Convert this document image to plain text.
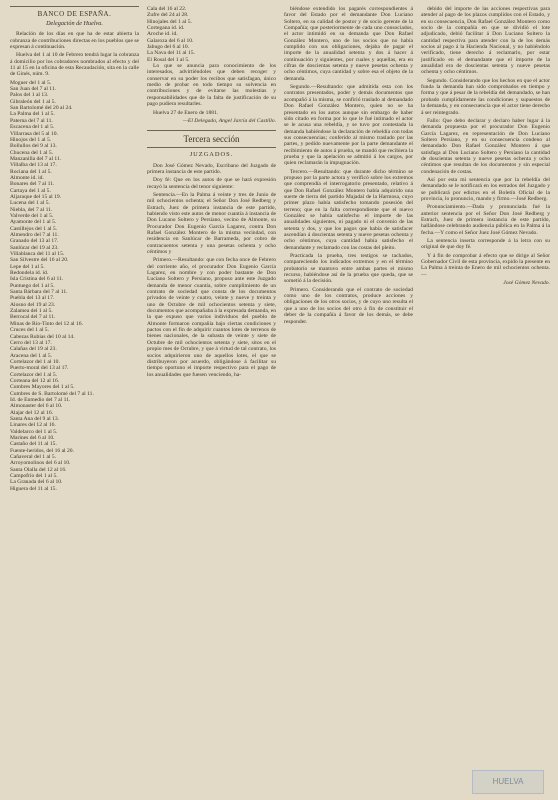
BANCO DE ESPAÑA.
Delegación de Huelva.

Relación de los días en que ha de estar abierta la cobranza de contribuciones directas en los pueblos que se expresan á continuación.

Huelva del 1 al 10 de Febrero tendrá lugar la cobranza á domicilio por los cobradores nombrados al efecto y del 11 al 15 en la oficina de esta Recaudación, sita en la calle de Ginés, núm. 9.

Moguer del 1 al 5.
San Juan del 7 al 11.
Palos del 1 al 13.
Gibraleón del 1 al 5.
San Bartolomé del 20 al 24.
La Palma del 1 al 5.
Paterna del 7 al 11.
Escacena del 1 al 5.
Villarrasa del 5 al 10.
Hinojos del 1 al 5.
Bollullos del 9 al 13.
Chucena del 1 al 5.
Manzanilla del 7 al 11.
Villalba del 13 al 17.
Rociana del 1 al 5.
Almonte id. id.
Bonares del 7 al 11.
Cartaya del 1 al 5.
Aljaraque del 15 al 19.
Lucena del 1 al 5.
Niebla, del 7 al 11.
Valverde del 1 al 5.
Ayamonte del 1 al 5.
Castillejos del 1 al 5.
Almendro del 7 al 11.
Granado del 13 al 17.
Sanlúcar del 19 al 23.
Villablanca del 11 al 15.
San Silvestre del 16 al 20.
Lepe del 1 al 5.
Redondela id. id.
Isla Cristina del 6 al 11.
Puntuego del 1 al 5.
Santa Bárbara del 7 al 11.
Puebla del 13 al 17.
Alosno del 19 al 23.
Zalamea del 1 al 5.
Berrocal del 7 al 11.
Minas de Río-Tinto del 12 al 16.
Cruces del 1 al 5.
Cabezas Rubias del 10 al 14.
Cerro del 13 al 17.
Calañas del 19 al 23.
Aracena del 1 al 5.
Cortelazor del 1 al 10.
Puerto-moral del 13 al 17.
Cortelazor del 1 al 5.
Corteana del 12 al 16.
Cumbres Mayores del 1 al 5.
Cumbres de S. Bartolomé del 7 al 11.
Id. de Enmedio del 7 al 11.
Almonaster del 6 al 10.
Alajar del 12 al 16.
Santa Ana del 9 al 13.
Linares del 12 al 16.
Valdelarco del 1 al 5.
Marines del 6 al 10.
Castaño del 11 al 15.
Fuente-heridos, del 16 al 20.
Cañaveral del 1 al 5.
Arroyomolinos del 6 al 10.
Santa Olalla del 12 al 16.
Campofrío del 1 al 5.
La Granada del 6 al 10.
Higuera del 11 al 15.
Cala del 16 al 22.
Zufre del 24 al 28.
Hinojales del 1 al 5.
Cortegana id. id.
Aroche id. id.
Galaroza del 6 al 10.
Jabugo del 6 al 10.
La Nava del 11 al 15.
El Rosal del 1 al 5.

Lo que se anuncia para conocimiento de los interesados, advirtiéndoles que deben recoger y conservar en su poder los recibos que satisfagan, único medio de probar en todo tiempo su solvencia en contribuciones y de evitarse las molestias y responsabilidades que de la falta de justificación de su pago pudiera resultarles.

Huelva 27 de Enero de 1881.

—El Delegado, Angel Jarcía del Castillo.

Tercera sección
JUZGADOS.

Don José Gómez Nevado, Escribano del Juzgado de primera instancia de este partido.

Doy fé: Que en los autos de que se hará expresión recayó la sentencia del tenor siguiente:

Sentencia.—En la Palma á veinte y tres de Junio de mil ochocientos ochenta; el Señor Don José Redberg y Estrach, Juez de primera instancia de este partido, habiendo visto este autos de menor cuantía á instancia de Don Lucano Soltero y Persiano, vecino de Almonte, su Procurador Don Eugenio García Lagarez, contra Don Rafael González Montero de la misma vecindad, con residencia en Sanlúcar de Barrameda, por cobro de contracuentos setenta y una pesetas ochenta y ocho céntimos y

Primero.—Resultando: que con fecha once de Febrero del corriente año, el procurador Don Eugenio García Lagarez, en nombre y con poder bastante de Don Luciano Soltero y Persiano, propuso ante este Juzgado demanda de menor cuantía, sobre cumplimiento de un contrato de sociedad que consta de los documentos privados de veinte y cuatro, veinte y nueve y treinta y uno de Octubre de mil ochocientos setenta y siete, documentos que acompañaba á la expresada demanda, en la que expuso que varios individuos del pueblo de Almonte formaron compañía bajo ciertas condiciones y pactos con el fin de adquirir cuantos lotes de terrenos de bienes nacionales, de la subasta de veinte y siete de Octubre de mil ochocientos setenta y siete, sitos en el propio mes de Octubre, y que á virtud de tal contrato, los socios adquirieron uno de aquellos lotes, el que se distribuyeron por acuerdo, obligándose á facilitar su tiempo oportuno el importe respectivo para el pago de los anualidades que fuesen venciendo, ha-

biéndose extendido los pagarés correspondientes á favor del Estado por el demandante Don Luciano Soltero, en su calidad de postor y de socio gerente de la Compañía; que posteriormente de cada uno consociados, el actor intimidó en su demanda que Don Rafael González Montero, uno de los socios que no había cumplido con sus obligaciones, dejaba de pagar el importe de la anualidad setenta y dos á hacer á continuación y siguientes, por cuales y aquellas, era en cifras de doscientas setenta y nueve pesetas ochenta y ocho céntimos, cuya cantidad y sobre esa el objeto de la demanda.

Segundo.—Resultando: que admitida esta con los contratos presentados, poder y demás documentos que acompañó á la misma, se confirió traslado al demandado Don Rafael González Montero, quien no se ha presentado en los autos aunque sin embargo de haber sido citado en forma por lo que le fué intimado el actor se le acusa una rebeldía, y se tuvo por contestada la demanda habiéndose la declaración de rebeldía con todas sus consecuencias; conferido al mismo traslado por las partes, y pedido nuevamente por la parte demandante el recibimiento de autos á prueba, se mandó que recibiera la prueba y que la apelación se admitió á los cargos, por quien reclamarán la impugnación.

Tercero.—Resultando: que durante dicho término se propuso por la parte actora y verificó sobre los extremos que comprendía el interrogatorio presentado, relativo á que Don Rafael González Montero había adquirido una suerte de tierra del partido Majadal de la Harmosa, cuyo primer plazo había satisfecho tomando posesión del terreno; que en la falta correspondiente que el nuevo González se había satisfecho el importe de las anualidades siguientes, ni pagado ni el convenio de las setenta y dos, y que los pagos que había de satisfacer ascendían á doscientas setenta y nueve pesetas ochenta y ocho céntimos, cuya cantidad había satisfecho el demandante y reclamado con las costas del pleito.

Practicada la prueba, tres testigos se tachados, compareciendo los indicados extremos y en el término probatorio se mantuvo entre ambas partes el mismo recurso, habiéndose así de la prueba que queda, que se sometió á la decisión.

Primero. Considerando que el contrato de sociedad como uno de los contratos, produce acciones y obligaciones de los otros socios, y de cuyo uno resulta el que a uno de los socios del otro á fin de constituir el deber de la compañía á favor de los demás, se debe responder.

debido del importe de las acciones respectivas para atender al pago de los plazos cumplidos con el Estado, y en su consecuencia, Don Rafael González Montero como socio de la compañía en que se dividió el lote adjudicado, debió facilitar á Don Luciano Soltero la cantidad respectiva para atender con la de los demás socios al pago á la Hacienda Nacional, y no habiéndolo verificado, tiene derecho á reclamarlo, por estar justificado en el demandante que el importe de la anualidad era de doscientas setenta y nueve pesetas ochenta y ocho céntimos.

Segundo. Considerando que los hechos en que el actor funda la demanda han sido comprobados en tiempo y forma y que á pesar de la rebeldía del demandado, se han probado cumplidamente las condiciones y supuestos de la demanda, y en consecuencia que el actor tiene derecho á ser reintegrado.

Fallo: Que debo declarar y declaro haber lugar á la demanda propuesta por el procurador Don Eugenio García Lagarez, en representación de Don Luciano Soltero Persiano, y en su consecuencia condeno al demandado Don Rafael González Montero á que satisfaga al Don Luciano Soltero y Persiano la cantidad de doscientas setenta y nueve pesetas ochenta y ocho céntimos que resultan de los documentos y sin especial condenación de costas.

Así por esta mi sentencia que por la rebeldía del demandado se le notificará en los estrados del Juzgado y se publicará por edictos en el Boletín Oficial de la provincia, lo pronuncio, mando y firmo.—José Redberg.

Pronunciamiento.—Dada y pronunciada fué la anterior sentencia por el Señor Don José Redberg y Estrach, Juez de primera instancia de este partido, hallándose celebrando audiencia pública en la Palma á la fecha.—Y como el Señor Juez José Gómez Nevado.

La sentencia inserta corresponde á la letra con su original de que doy fé.

Y á fin de comprobar á efecto que se dirige al Señor Gobernador Civil de esta provincia, expido la presente en La Palma á treinta de Enero de mil ochocientos ochenta.—

José Gómez Nevado.

HUELVA
